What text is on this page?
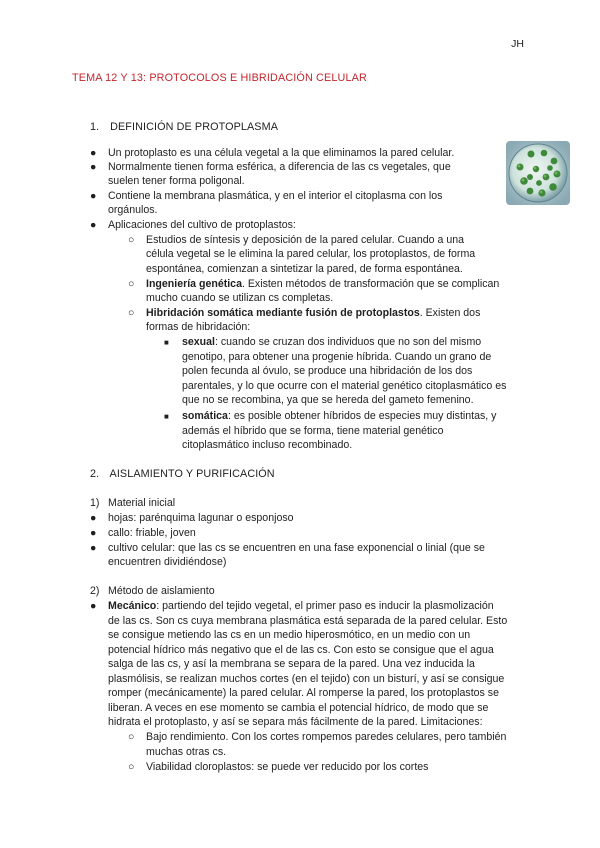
JH
TEMA 12 Y 13: PROTOCOLOS E HIBRIDACIÓN CELULAR
1. DEFINICIÓN DE PROTOPLASMA
● Un protoplasto es una célula vegetal a la que eliminamos la pared celular.
● Normalmente tienen forma esférica, a diferencia de las cs vegetales, que
suelen tener forma poligonal.
● Contiene la membrana plasmática, y en el interior el citoplasma con los
orgánulos.
● Aplicaciones del cultivo de protoplastos:
○ Estudios de síntesis y deposición de la pared celular. Cuando a una
célula vegetal se le elimina la pared celular, los protoplastos, de forma
espontánea, comienzan a sintetizar la pared, de forma espontánea.
○ Ingeniería genética. Existen métodos de transformación que se complican
mucho cuando se utilizan cs completas.
○ Hibridación somática mediante fusión de protoplastos. Existen dos
formas de hibridación:
■ sexual: cuando se cruzan dos individuos que no son del mismo
genotipo, para obtener una progenie híbrida. Cuando un grano de
polen fecunda al óvulo, se produce una hibridación de los dos
parentales, y lo que ocurre con el material genético citoplasmático es
que no se recombina, ya que se hereda del gameto femenino.
■ somática: es posible obtener híbridos de especies muy distintas, y
además el híbrido que se forma, tiene material genético
citoplasmático incluso recombinado.
2. AISLAMIENTO Y PURIFICACIÓN
1) Material inicial
● hojas: parénquima lagunar o esponjoso
● callo: friable, joven
● cultivo celular: que las cs se encuentren en una fase exponencial o linial (que se
encuentren dividiéndose)
2) Método de aislamiento
● Mecánico: partiendo del tejido vegetal, el primer paso es inducir la plasmolización
de las cs. Son cs cuya membrana plasmática está separada de la pared celular. Esto
se consigue metiendo las cs en un medio hiperosmótico, en un medio con un
potencial hídrico más negativo que el de las cs. Con esto se consigue que el agua
salga de las cs, y así la membrana se separa de la pared. Una vez inducida la
plasmólisis, se realizan muchos cortes (en el tejido) con un bisturí, y así se consigue
romper (mecánicamente) la pared celular. Al romperse la pared, los protoplastos se
liberan. A veces en ese momento se cambia el potencial hídrico, de modo que se
hidrata el protoplasto, y así se separa más fácilmente de la pared. Limitaciones:
○ Bajo rendimiento. Con los cortes rompemos paredes celulares, pero también
muchas otras cs.
○ Viabilidad cloroplastos: se puede ver reducido por los cortes
